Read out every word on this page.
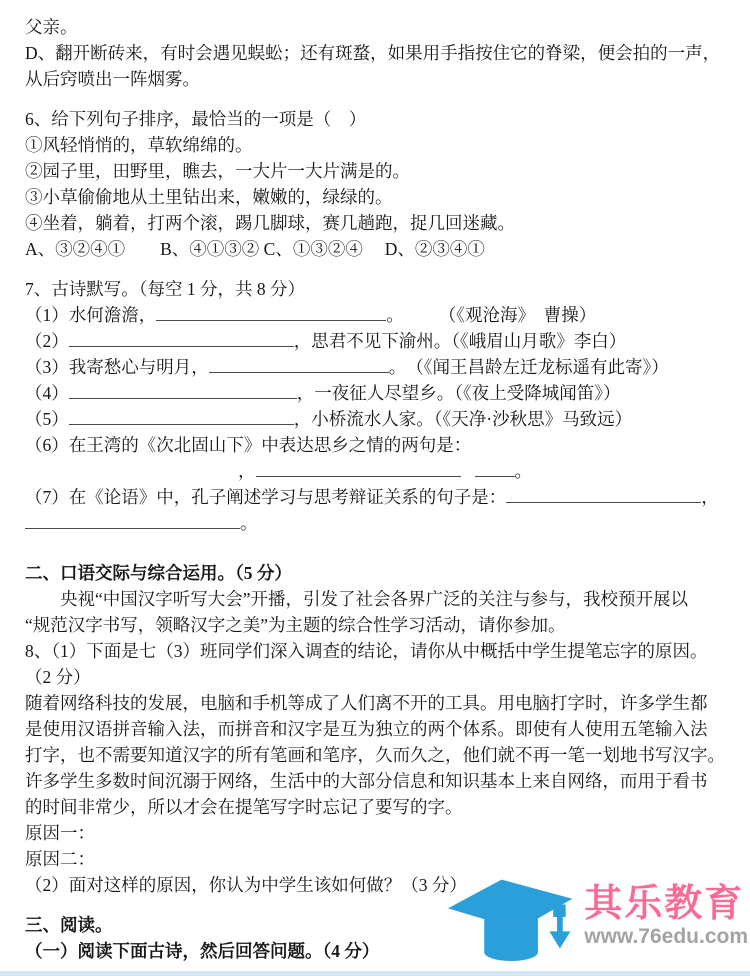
父亲。
D、翻开断砖来，有时会遇见蜈蚣；还有斑蝥，如果用手指按住它的脊梁，便会拍的一声，
从后窍喷出一阵烟雾。
6、给下列句子排序，最恰当的一项是（　）
①风轻悄悄的，草软绵绵的。
②园子里，田野里，瞧去，一大片一大片满是的。
③小草偷偷地从土里钻出来，嫩嫩的，绿绿的。
④坐着，躺着，打两个滚，踢几脚球，赛几趟跑，捉几回迷藏。
A、③②④①　　B、④①③② C、①③②④　 D、②③④①
7、古诗默写。（每空 1 分，共 8 分）
（1）水何澹澹，	。　　　（《观沧海》　曹操）
（2）	，思君不见下渝州。（《峨眉山月歌》李白）
（3）我寄愁心与明月，	。　（《闻王昌龄左迁龙标遥有此寄》）
（4）	，一夜征人尽望乡。（《夜上受降城闻笛》）
（5）	，小桥流水人家。（《天净·沙秋思》马致远）
（6）在王湾的《次北固山下》中表达思乡之情的两句是：
，	。
（7）在《论语》中，孔子阐述学习与思考辩证关系的句子是：	，
。
二、口语交际与综合运用。（5 分）
　　央视“中国汉字听写大会”开播，引发了社会各界广泛的关注与参与，我校预开展以
“规范汉字书写，领略汉字之美”为主题的综合性学习活动，请你参加。
8、（1）下面是七（3）班同学们深入调查的结论，请你从中概括中学生提笔忘字的原因。
（2 分）
随着网络科技的发展，电脑和手机等成了人们离不开的工具。用电脑打字时，许多学生都
是使用汉语拼音输入法，而拼音和汉字是互为独立的两个体系。即使有人使用五笔输入法
打字，也不需要知道汉字的所有笔画和笔序，久而久之，他们就不再一笔一划地书写汉字。
许多学生多数时间沉溺于网络，生活中的大部分信息和知识基本上来自网络，而用于看书
的时间非常少，所以才会在提笔写字时忘记了要写的字。
原因一：
原因二：
（2）面对这样的原因，你认为中学生该如何做？（3 分）
三、阅读。
（一）阅读下面古诗，然后回答问题。（4 分）
其乐教育
www.76edu.com
